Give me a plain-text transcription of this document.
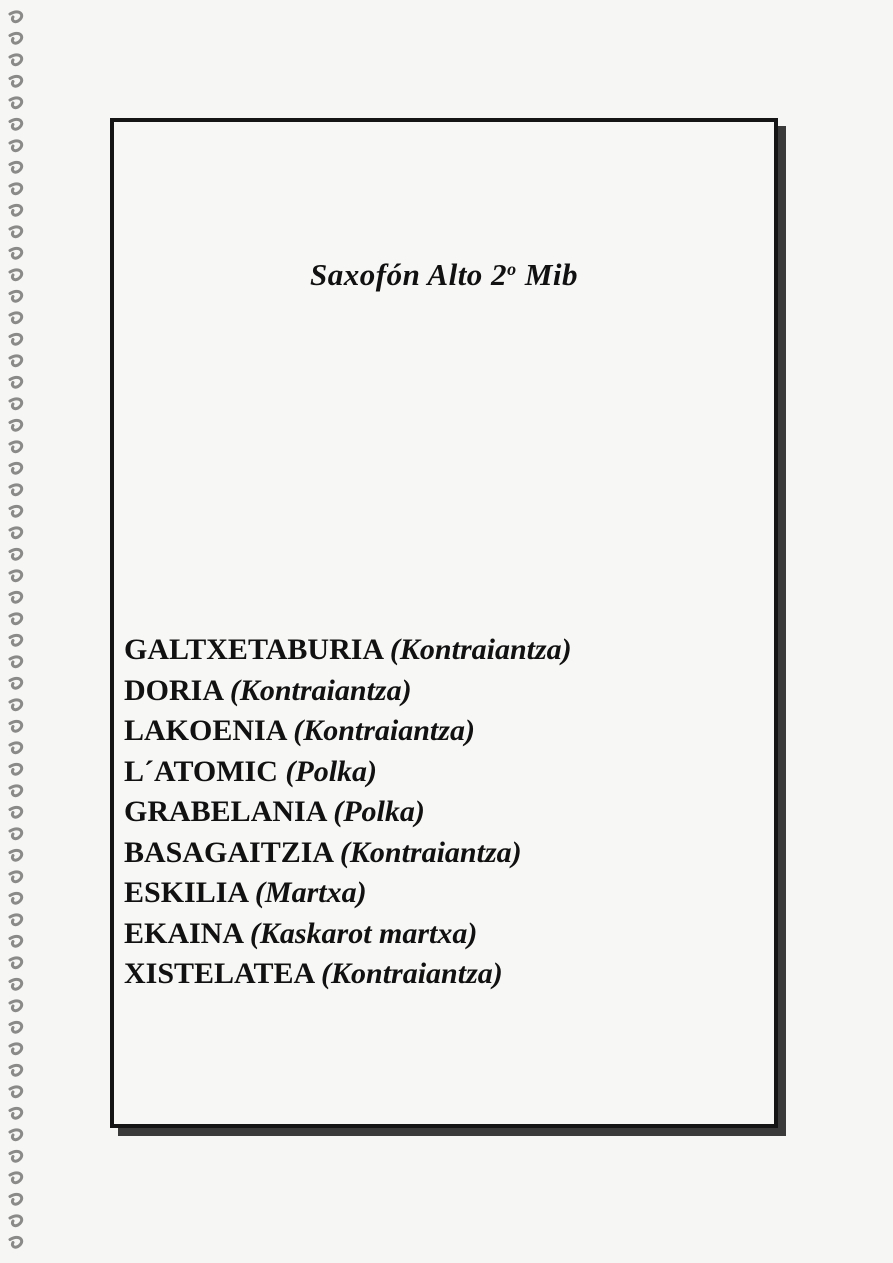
Saxofón Alto 2$^o$ Mib
GALTXETABURIA (Kontraiantza)
DORIA (Kontraiantza)
LAKOENIA (Kontraiantza)
L´ATOMIC (Polka)
GRABELANIA (Polka)
BASAGAITZIA (Kontraiantza)
ESKILIA (Martxa)
EKAINA (Kaskarot martxa)
XISTELATEA (Kontraiantza)
